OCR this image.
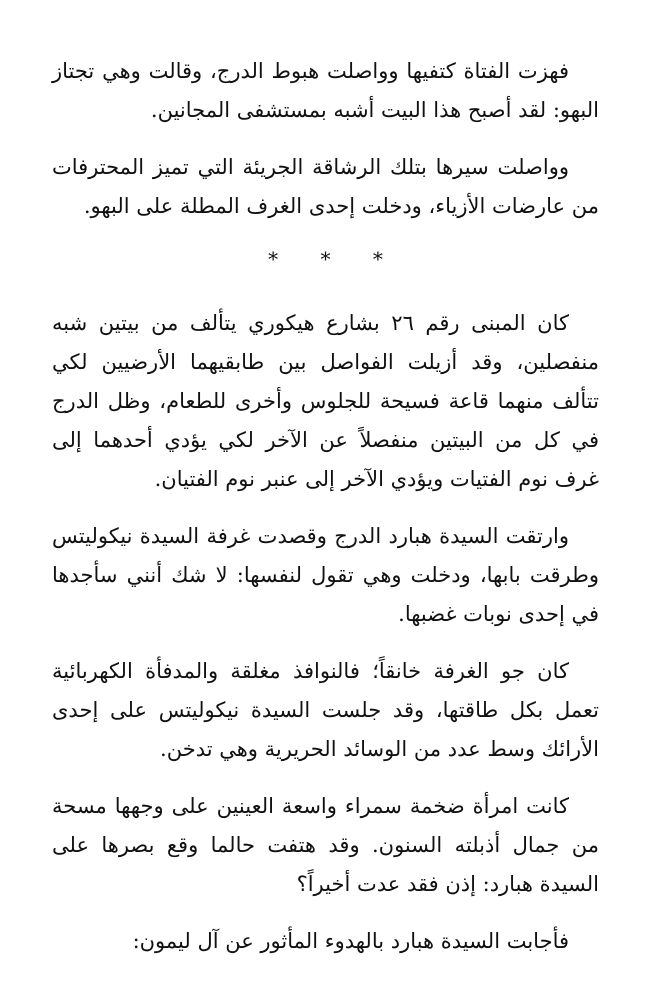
فهزت الفتاة كتفيها وواصلت هبوط الدرج، وقالت وهي تجتاز البهو: لقد أصبح هذا البيت أشبه بمستشفى المجانين.

وواصلت سيرها بتلك الرشاقة الجريئة التي تميز المحترفات من عارضات الأزياء، ودخلت إحدى الغرف المطلة على البهو.

* * *

كان المبنى رقم ٢٦ بشارع هيكوري يتألف من بيتين شبه منفصلين، وقد أزيلت الفواصل بين طابقيهما الأرضيين لكي تتألف منهما قاعة فسيحة للجلوس وأخرى للطعام، وظل الدرج في كل من البيتين منفصلاً عن الآخر لكي يؤدي أحدهما إلى غرف نوم الفتيات ويؤدي الآخر إلى عنبر نوم الفتيان.

وارتقت السيدة هبارد الدرج وقصدت غرفة السيدة نيكوليتس وطرقت بابها، ودخلت وهي تقول لنفسها: لا شك أنني سأجدها في إحدى نوبات غضبها.

كان جو الغرفة خانقاً؛ فالنوافذ مغلقة والمدفأة الكهربائية تعمل بكل طاقتها، وقد جلست السيدة نيكوليتس على إحدى الأرائك وسط عدد من الوسائد الحريرية وهي تدخن.

كانت امرأة ضخمة سمراء واسعة العينين على وجهها مسحة من جمال أذبلته السنون. وقد هتفت حالما وقع بصرها على السيدة هبارد: إذن فقد عدت أخيراً؟

فأجابت السيدة هبارد بالهدوء المأثور عن آل ليمون:
